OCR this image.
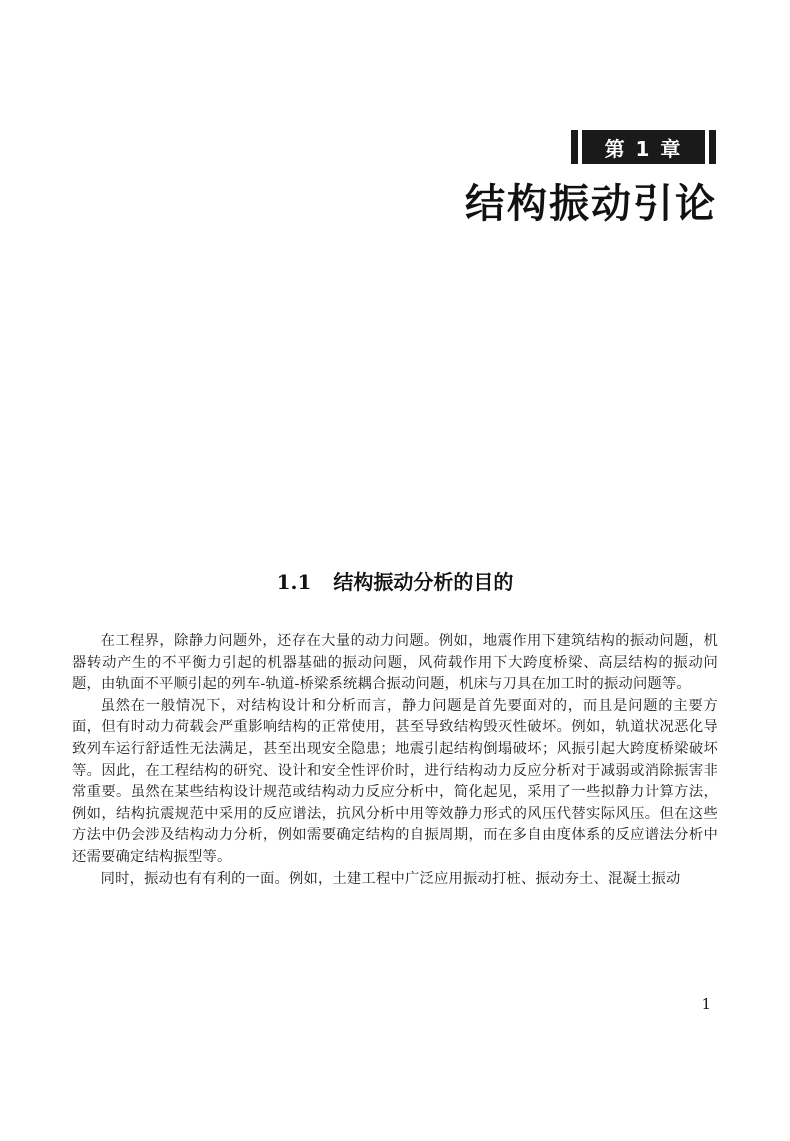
第 1 章
结构振动引论
1.1 结构振动分析的目的

在工程界，除静力问题外，还存在大量的动力问题。例如，地震作用下建筑结构的振动问题，机器转动产生的不平衡力引起的机器基础的振动问题，风荷载作用下大跨度桥梁、高层结构的振动问题，由轨面不平顺引起的列车-轨道-桥梁系统耦合振动问题，机床与刀具在加工时的振动问题等。

虽然在一般情况下，对结构设计和分析而言，静力问题是首先要面对的，而且是问题的主要方面，但有时动力荷载会严重影响结构的正常使用，甚至导致结构毁灭性破坏。例如，轨道状况恶化导致列车运行舒适性无法满足，甚至出现安全隐患；地震引起结构倒塌破坏；风振引起大跨度桥梁破坏等。因此，在工程结构的研究、设计和安全性评价时，进行结构动力反应分析对于减弱或消除振害非常重要。虽然在某些结构设计规范或结构动力反应分析中，简化起见，采用了一些拟静力计算方法，例如，结构抗震规范中采用的反应谱法，抗风分析中用等效静力形式的风压代替实际风压。但在这些方法中仍会涉及结构动力分析，例如需要确定结构的自振周期，而在多自由度体系的反应谱法分析中还需要确定结构振型等。

同时，振动也有有利的一面。例如，土建工程中广泛应用振动打桩、振动夯土、混凝土振动

1
